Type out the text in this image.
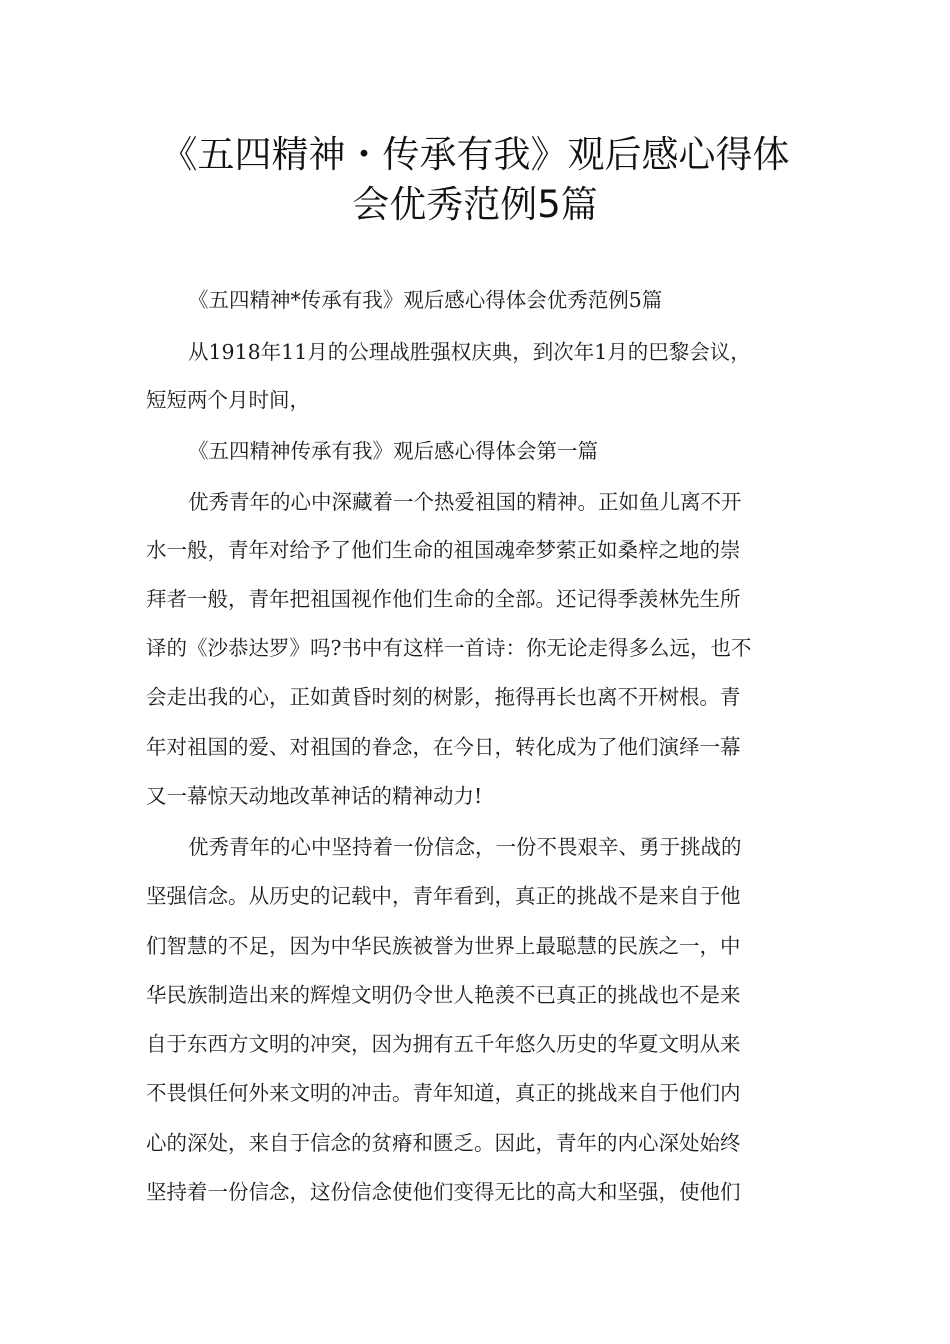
《五四精神・传承有我》观后感心得体
会优秀范例5篇
《五四精神*传承有我》观后感心得体会优秀范例5篇
从1918年11月的公理战胜强权庆典，到次年1月的巴黎会议，
短短两个月时间，
《五四精神传承有我》观后感心得体会第一篇
优秀青年的心中深藏着一个热爱祖国的精神。正如鱼儿离不开
水一般，青年对给予了他们生命的祖国魂牵梦萦正如桑梓之地的崇
拜者一般，青年把祖国视作他们生命的全部。还记得季羡林先生所
译的《沙恭达罗》吗?书中有这样一首诗：你无论走得多么远，也不
会走出我的心，正如黄昏时刻的树影，拖得再长也离不开树根。青
年对祖国的爱、对祖国的眷念，在今日，转化成为了他们演绎一幕
又一幕惊天动地改革神话的精神动力!
优秀青年的心中坚持着一份信念，一份不畏艰辛、勇于挑战的
坚强信念。从历史的记载中，青年看到，真正的挑战不是来自于他
们智慧的不足，因为中华民族被誉为世界上最聪慧的民族之一，中
华民族制造出来的辉煌文明仍令世人艳羡不已真正的挑战也不是来
自于东西方文明的冲突，因为拥有五千年悠久历史的华夏文明从来
不畏惧任何外来文明的冲击。青年知道，真正的挑战来自于他们内
心的深处，来自于信念的贫瘠和匮乏。因此，青年的内心深处始终
坚持着一份信念，这份信念使他们变得无比的高大和坚强，使他们
